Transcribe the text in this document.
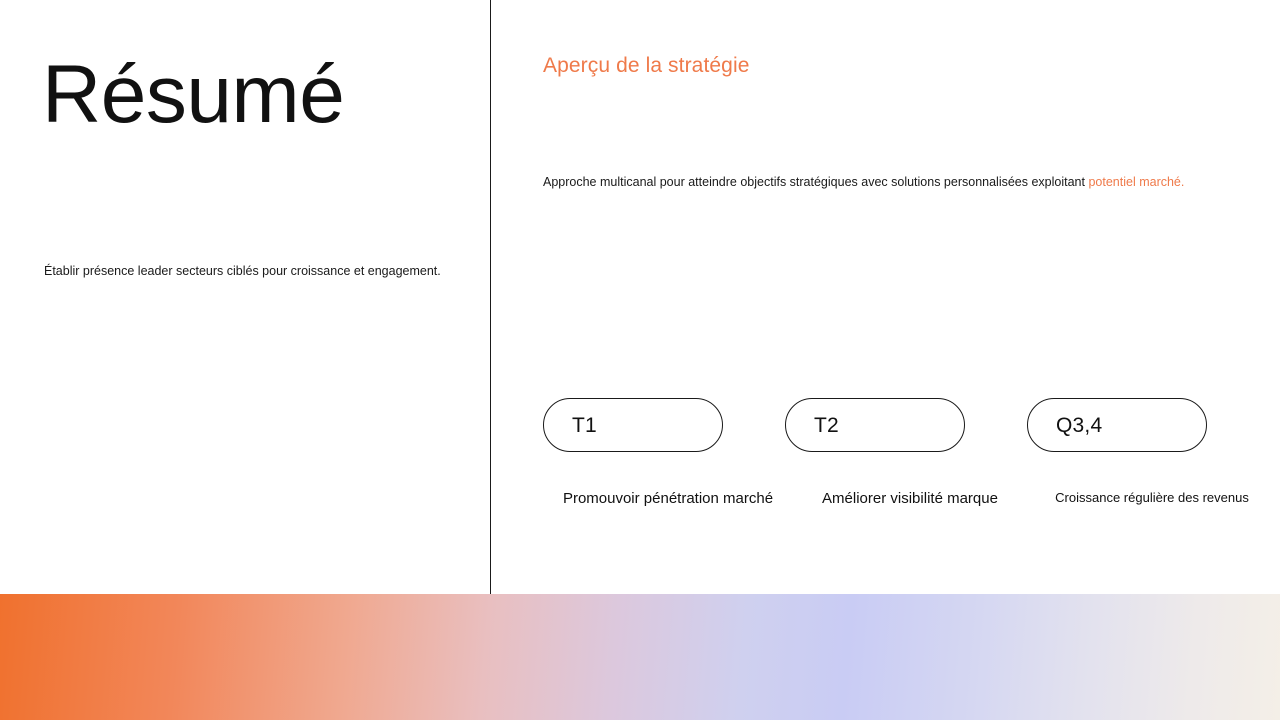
Résumé
Établir présence leader secteurs ciblés pour croissance et engagement.
Aperçu de la stratégie

Approche multicanal pour atteindre objectifs stratégiques avec solutions personnalisées exploitant potentiel marché.

T1	T2	Q3,4
Promouvoir pénétration marché	Améliorer visibilité marque	Croissance régulière des revenus
